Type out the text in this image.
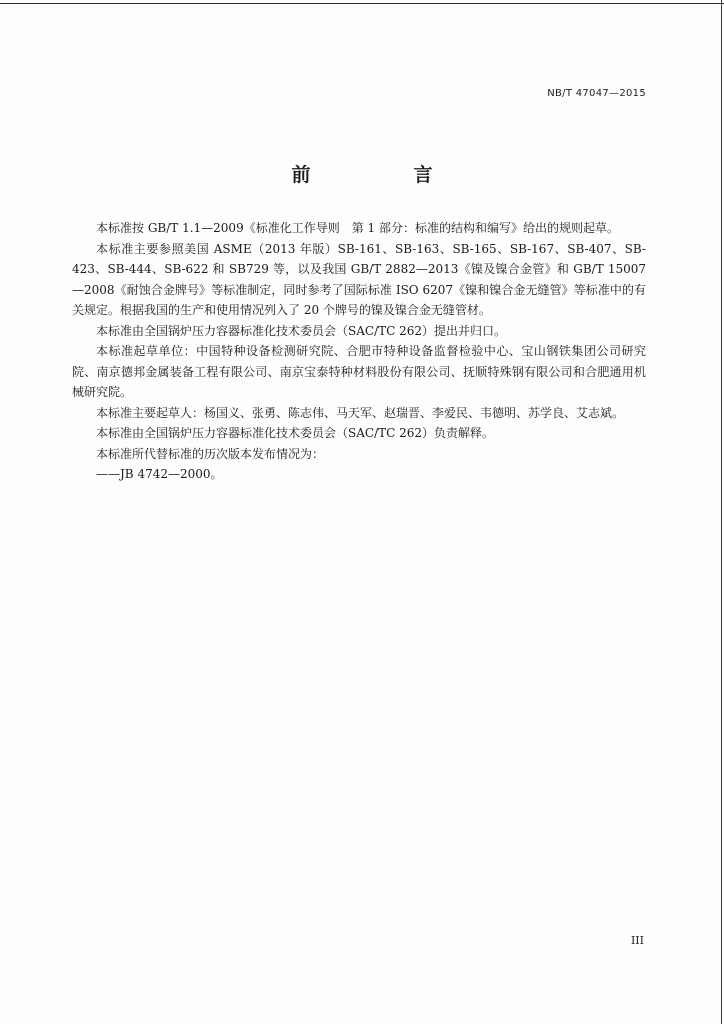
NB/T 47047—2015
前　言

本标准按 GB/T 1.1—2009《标准化工作导则　第 1 部分：标准的结构和编写》给出的规则起草。

本标准主要参照美国 ASME（2013 年版）SB-161、SB-163、SB-165、SB-167、SB-407、SB-423、SB-444、SB-622 和 SB729 等，以及我国 GB/T 2882—2013《镍及镍合金管》和 GB/T 15007—2008《耐蚀合金牌号》等标准制定，同时参考了国际标准 ISO 6207《镍和镍合金无缝管》等标准中的有关规定。根据我国的生产和使用情况列入了 20 个牌号的镍及镍合金无缝管材。

本标准由全国锅炉压力容器标准化技术委员会（SAC/TC 262）提出并归口。

本标准起草单位：中国特种设备检测研究院、合肥市特种设备监督检验中心、宝山钢铁集团公司研究院、南京德邦金属装备工程有限公司、南京宝泰特种材料股份有限公司、抚顺特殊钢有限公司和合肥通用机械研究院。

本标准主要起草人：杨国义、张勇、陈志伟、马天军、赵瑞晋、李爱民、韦德明、苏学良、艾志斌。

本标准由全国锅炉压力容器标准化技术委员会（SAC/TC 262）负责解释。

本标准所代替标准的历次版本发布情况为：

——JB 4742—2000。

III
